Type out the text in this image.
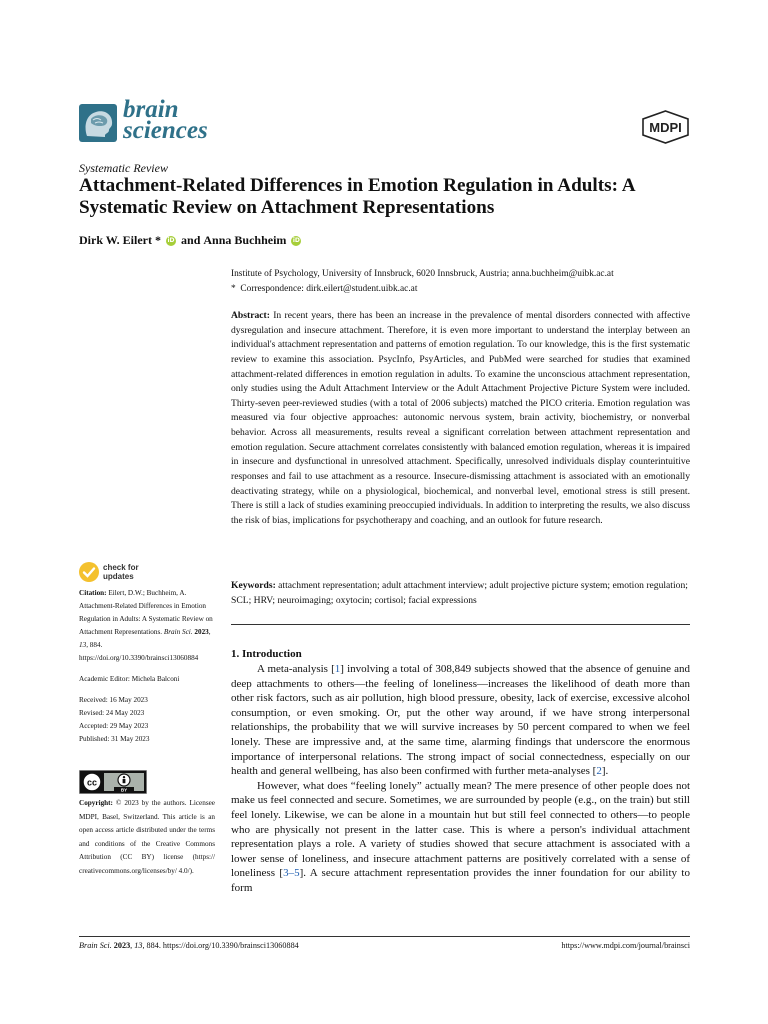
brain
sciences	MDPI
Systematic Review
Attachment-Related Differences in Emotion Regulation in Adults: A Systematic Review on Attachment Representations
Dirk W. Eilert * iD and Anna Buchheim iD
Institute of Psychology, University of Innsbruck, 6020 Innsbruck, Austria; anna.buchheim@uibk.ac.at
* Correspondence: dirk.eilert@student.uibk.ac.at
Abstract: In recent years, there has been an increase in the prevalence of mental disorders connected with affective dysregulation and insecure attachment. Therefore, it is even more important to understand the interplay between an individual's attachment representation and patterns of emotion regulation. To our knowledge, this is the first systematic review to examine this association. PsycInfo, PsyArticles, and PubMed were searched for studies that examined attachment-related differences in emotion regulation in adults. To examine the unconscious attachment representation, only studies using the Adult Attachment Interview or the Adult Attachment Projective Picture System were included. Thirty-seven peer-reviewed studies (with a total of 2006 subjects) matched the PICO criteria. Emotion regulation was measured via four objective approaches: autonomic nervous system, brain activity, biochemistry, or nonverbal behavior. Across all measurements, results reveal a significant correlation between attachment representation and emotion regulation. Secure attachment correlates consistently with balanced emotion regulation, whereas it is impaired in insecure and dysfunctional in unresolved attachment. Specifically, unresolved individuals display counterintuitive responses and fail to use attachment as a resource. Insecure-dismissing attachment is associated with an emotionally deactivating strategy, while on a physiological, biochemical, and nonverbal level, emotional stress is still present. There is still a lack of studies examining preoccupied individuals. In addition to interpreting the results, we also discuss the risk of bias, implications for psychotherapy and coaching, and an outlook for future research.
Keywords: attachment representation; adult attachment interview; adult projective picture system; emotion regulation; SCL; HRV; neuroimaging; oxytocin; cortisol; facial expressions
1. Introduction
A meta-analysis [1] involving a total of 308,849 subjects showed that the absence of genuine and deep attachments to others—the feeling of loneliness—increases the likelihood of death more than other risk factors, such as air pollution, high blood pressure, obesity, lack of exercise, excessive alcohol consumption, or even smoking. Or, put the other way around, if we have strong interpersonal relationships, the probability that we will survive increases by 50 percent compared to when we feel lonely. These are impressive and, at the same time, alarming findings that underscore the enormous importance of interpersonal relations. The strong impact of social connectedness, especially on our health and general wellbeing, has also been confirmed with further meta-analyses [2].
However, what does “feeling lonely” actually mean? The mere presence of other people does not make us feel connected and secure. Sometimes, we are surrounded by people (e.g., on the train) but still feel lonely. Likewise, we can be alone in a mountain hut but still feel connected to others—to people who are physically not present in the latter case. This is where a person's individual attachment representation plays a role. A variety of studies showed that secure attachment is associated with a lower sense of loneliness, and insecure attachment patterns are positively correlated with a sense of loneliness [3–5]. A secure attachment representation provides the inner foundation for our ability to form
check for
updates
Citation: Eilert, D.W.; Buchheim, A. Attachment-Related Differences in Emotion Regulation in Adults: A Systematic Review on Attachment Representations. Brain Sci. 2023, 13, 884. https://doi.org/10.3390/brainsci13060884
Academic Editor: Michela Balconi
Received: 16 May 2023
Revised: 24 May 2023
Accepted: 29 May 2023
Published: 31 May 2023
cc
BY
Copyright: © 2023 by the authors. Licensee MDPI, Basel, Switzerland. This article is an open access article distributed under the terms and conditions of the Creative Commons Attribution (CC BY) license (https:// creativecommons.org/licenses/by/ 4.0/).
Brain Sci. 2023, 13, 884. https://doi.org/10.3390/brainsci13060884	https://www.mdpi.com/journal/brainsci
